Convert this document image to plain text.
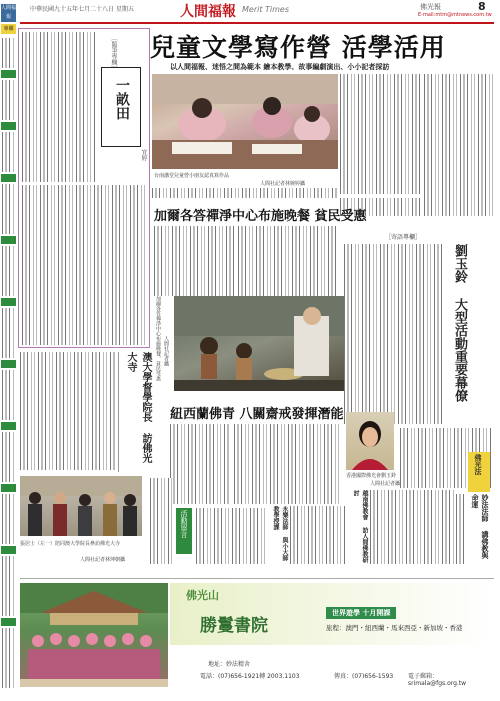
中華民國九十五年七月二十八日 星期五	人間福報 Merit Times	佛光報	8
E-mail:mtm@mtnews.com.tw
人間福報
專欄
兒童文學寫作營 活學活用
以人間福報、迷悟之間為範本 繪本教學、故事編劇演出、小小記者採訪
［隨筆專欄］
一畝田
宜婷
台南講堂兒童營小朋友認真寫作品
人間社記者林婉婷攝
加爾各答禪淨中心布施晚餐 貧民受惠
加爾各答禪淨中心布施晚餐，貧民受惠 人間社記者攝
［寄語專欄］
劉玉鈴 大型活動重要幕僚
香港國際佛光會劉玉鈴
人間社記者攝
紐西蘭佛青 八關齋戒發揮潛能
澳大學督學院長 訪佛光大寺
張居士（左一）陪同澳大學院長參訪佛光大寺
人間社記者林坤朝攝
活動留言	永樂法師 與小大師教學授課	越南佛教會 訪人間佛教研討
佛光法
妙法法師 講佛教與命運
佛光山
勝鬘書院
世界遊學 十月開課
旅程：澳門・紐西蘭・馬來西亞・新加坡・香港
地址：妙法精舍
電話：(07)656-1921轉 2003.1103	傳真：(07)656-1593 電子郵箱：srimala@fgs.org.tw
